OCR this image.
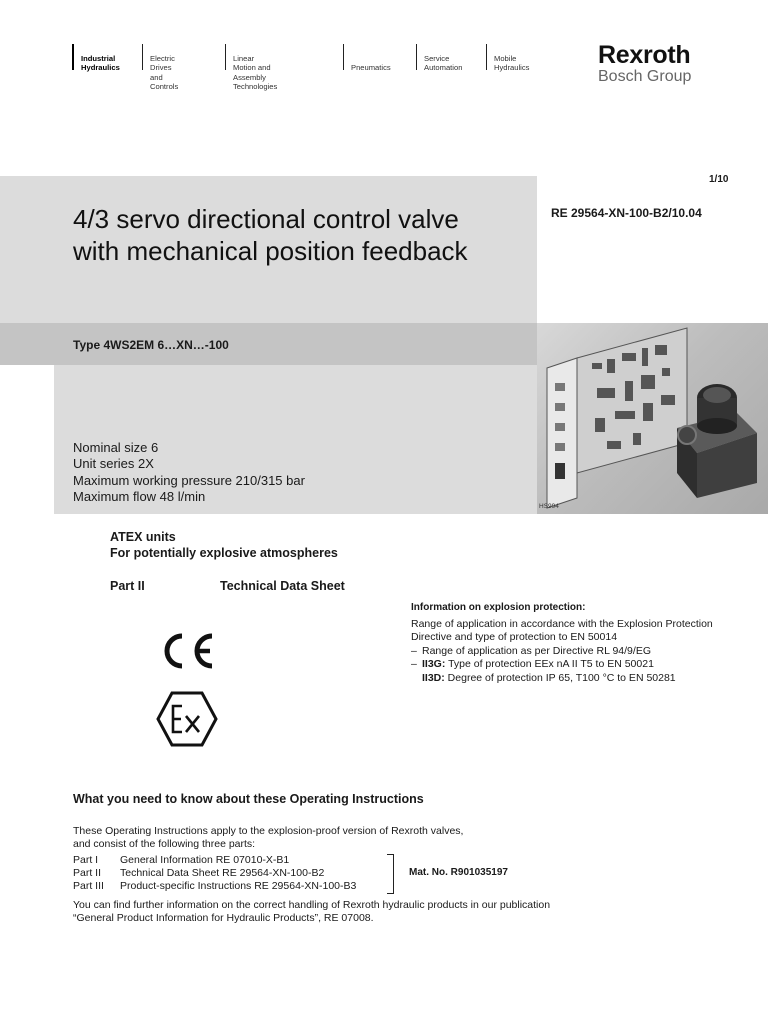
Industrial

Hydraulics

Electric Drives

and Controls

Linear Motion and

Assembly Technologies

Pneumatics

Service

Automation

Mobile

Hydraulics	Rexroth
Bosch Group
1/10
RE 29564-XN-100-B2/10.04
4/3 servo directional control valve
with mechanical position feedback
Type 4WS2EM 6…XN…-100
Nominal size 6
Unit series 2X
Maximum working pressure 210/315 bar
Maximum flow 48 l/min
HS994
ATEX units
For potentially explosive atmospheres
Part II	Technical Data Sheet
Information on explosion protection:
Range of application in accordance with the Explosion Protection Directive and type of protection to EN 50014
– Range of application as per Directive RL 94/9/EG
– II3G: Type of protection EEx nA II T5 to EN 50021
II3D: Degree of protection IP 65, T100 °C to EN 50281
What you need to know about these Operating Instructions
These Operating Instructions apply to the explosion-proof version of Rexroth valves,
and consist of the following three parts:
Part I General Information RE 07010-X-B1
Part II Technical Data Sheet RE 29564-XN-100-B2
Part III Product-specific Instructions RE 29564-XN-100-B3
Mat. No. R901035197
You can find further information on the correct handling of Rexroth hydraulic products in our publication
“General Product Information for Hydraulic Products”, RE 07008.
